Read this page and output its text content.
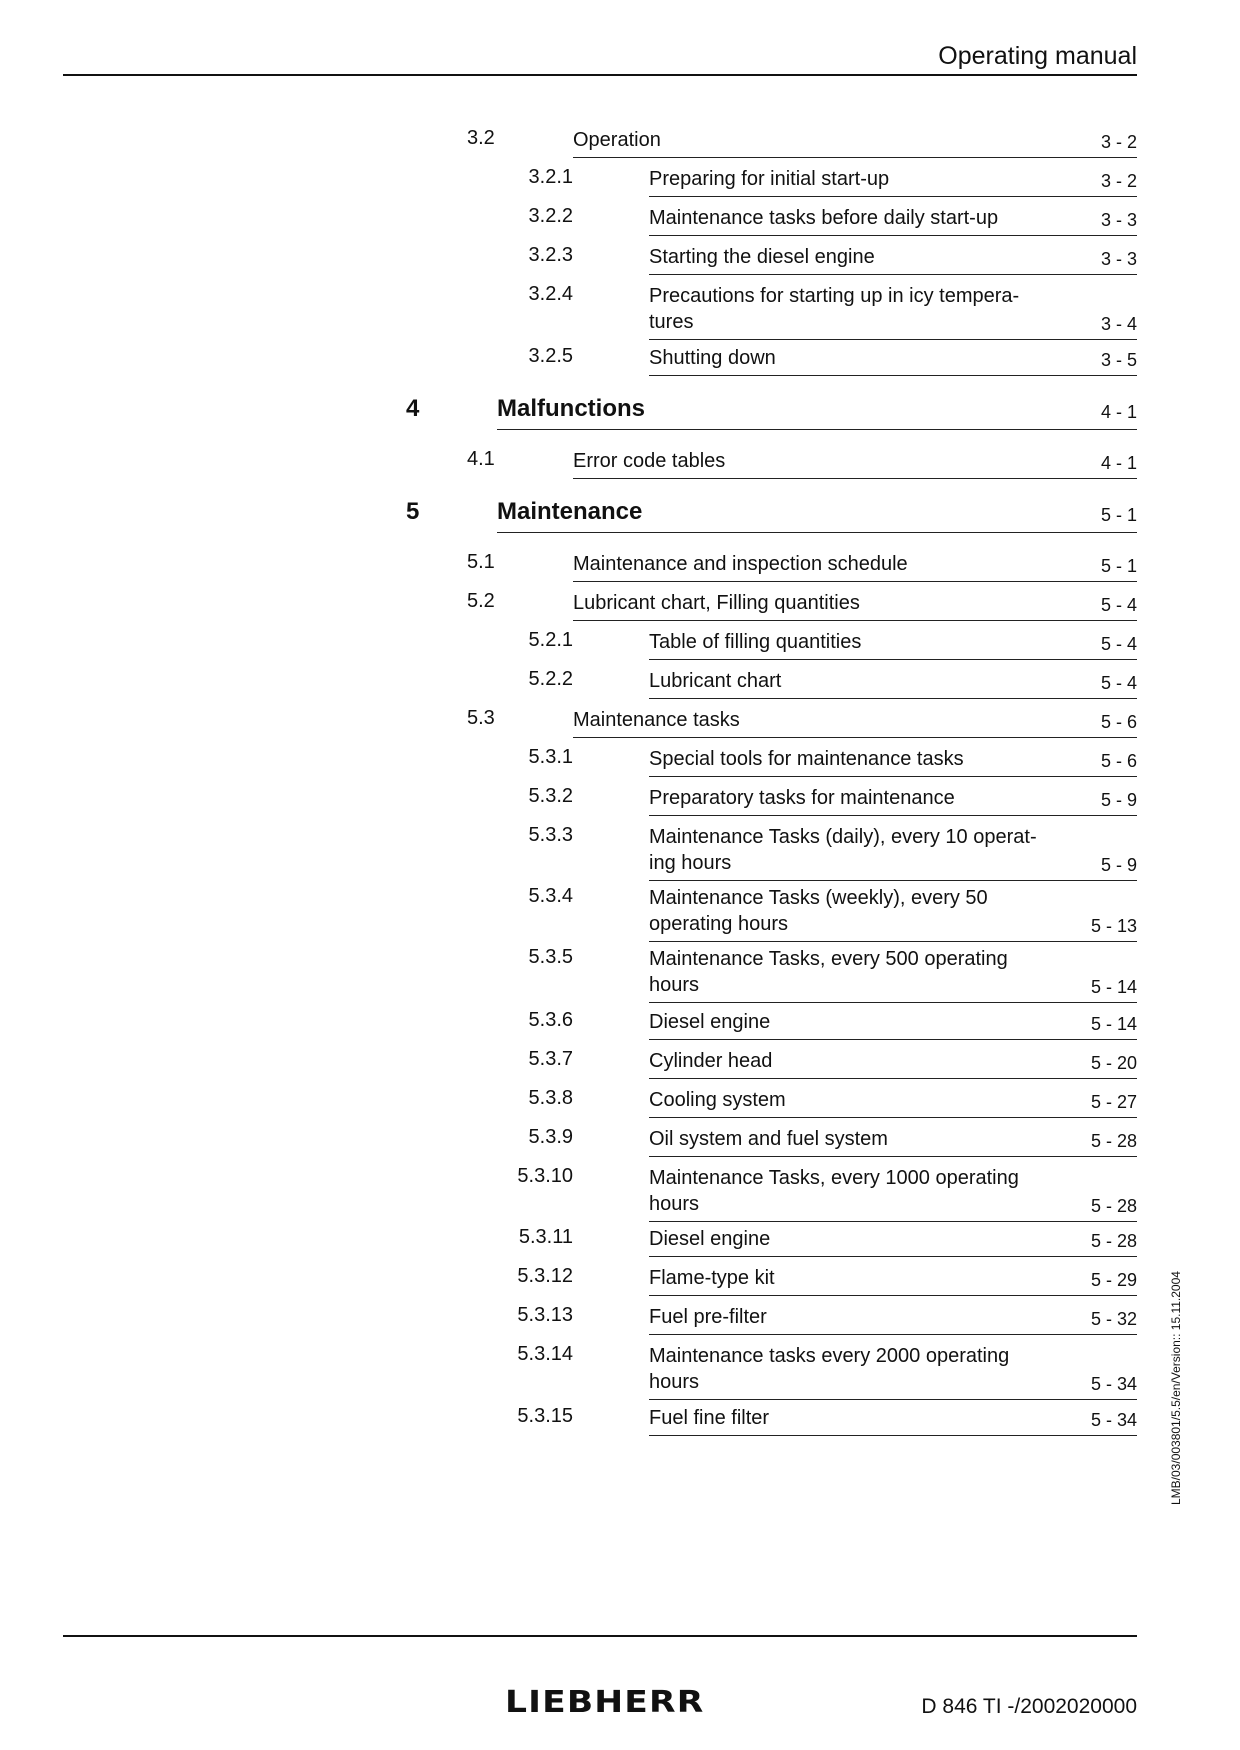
Operating manual
3.2	Operation	3 - 2
3.2.1	Preparing for initial start-up	3 - 2
3.2.2	Maintenance tasks before daily start-up	3 - 3
3.2.3	Starting the diesel engine	3 - 3
3.2.4	Precautions for starting up in icy tempera-
tures	3 - 4
3.2.5	Shutting down	3 - 5
4	Malfunctions	4 - 1
4.1	Error code tables	4 - 1
5	Maintenance	5 - 1
5.1	Maintenance and inspection schedule	5 - 1
5.2	Lubricant chart, Filling quantities	5 - 4
5.2.1	Table of filling quantities	5 - 4
5.2.2	Lubricant chart	5 - 4
5.3	Maintenance tasks	5 - 6
5.3.1	Special tools for maintenance tasks	5 - 6
5.3.2	Preparatory tasks for maintenance	5 - 9
5.3.3	Maintenance Tasks (daily), every 10 operat-
ing hours	5 - 9
5.3.4	Maintenance Tasks (weekly), every 50
operating hours	5 - 13
5.3.5	Maintenance Tasks, every 500 operating
hours	5 - 14
5.3.6	Diesel engine	5 - 14
5.3.7	Cylinder head	5 - 20
5.3.8	Cooling system	5 - 27
5.3.9	Oil system and fuel system	5 - 28
5.3.10	Maintenance Tasks, every 1000 operating
hours	5 - 28
5.3.11	Diesel engine	5 - 28
5.3.12	Flame-type kit	5 - 29
5.3.13	Fuel pre-filter	5 - 32
5.3.14	Maintenance tasks every 2000 operating
hours	5 - 34
5.3.15	Fuel fine filter	5 - 34
LIEBHERR	D 846 TI -/2002020000
LMB/03/003801/5.5/en/Version:: 15.11.2004
